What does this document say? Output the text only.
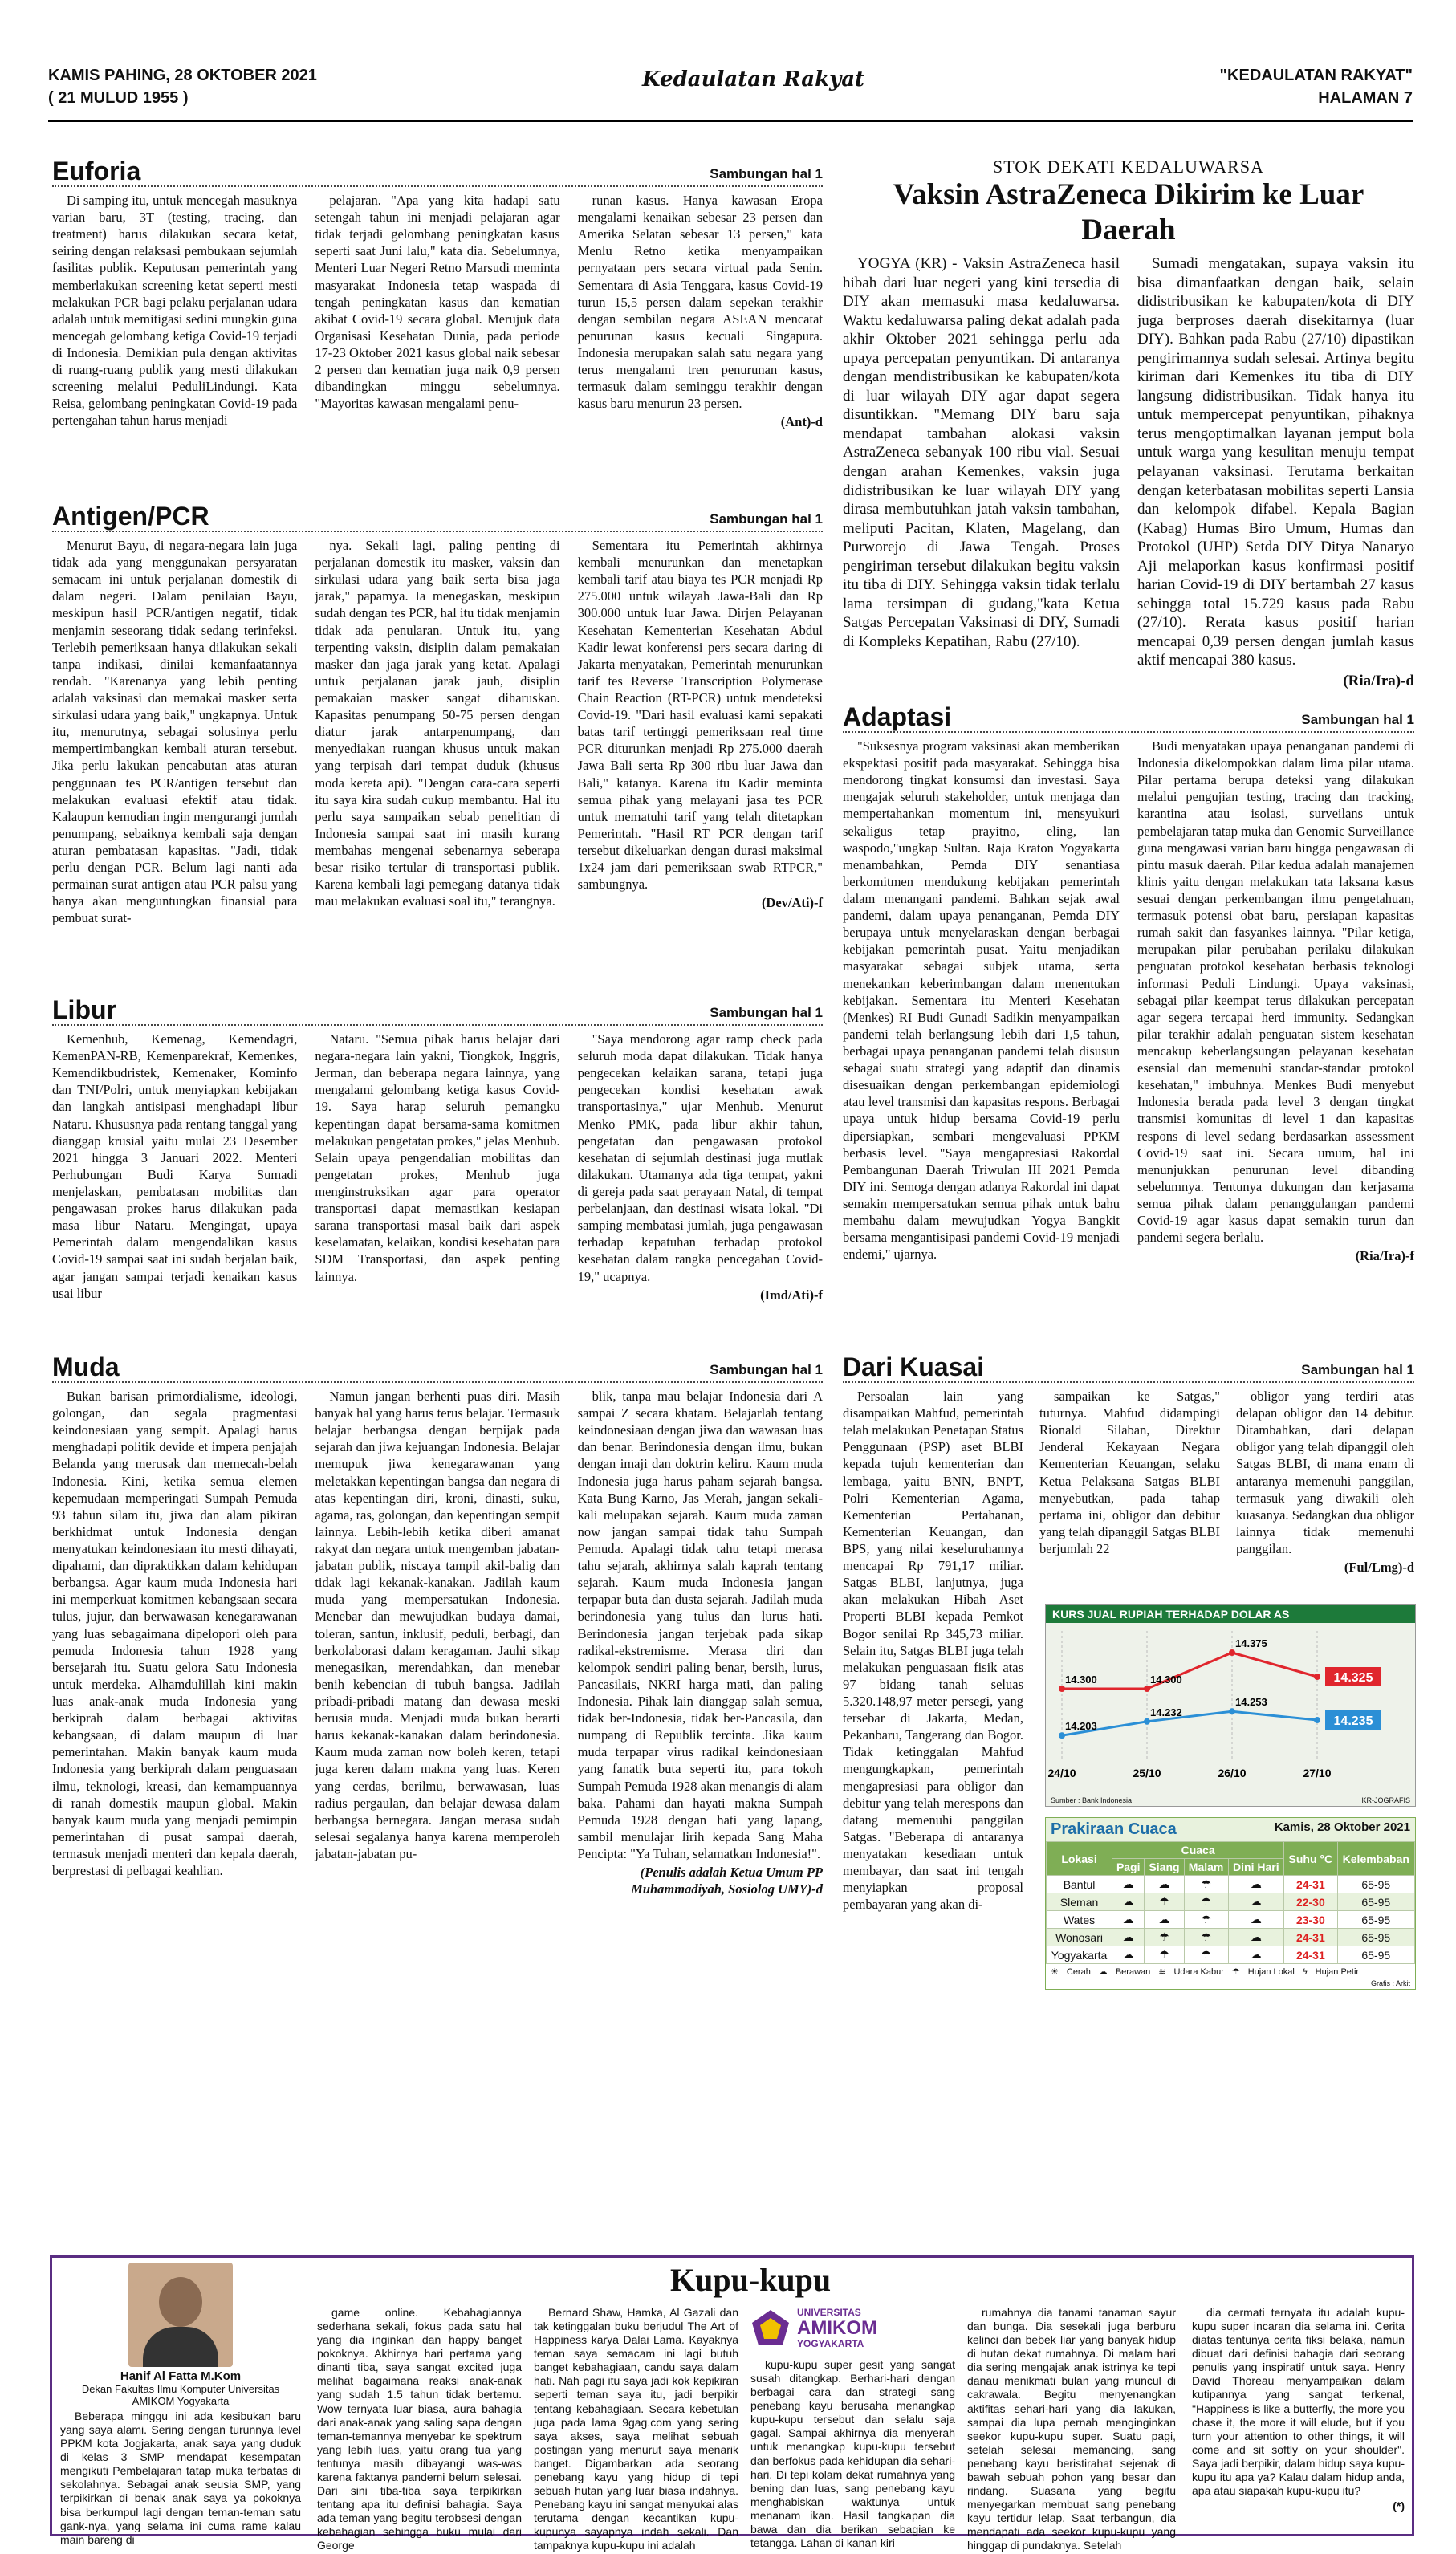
KAMIS PAHING, 28 OKTOBER 2021
( 21 MULUD 1955 )
Kedaulatan Rakyat	"KEDAULATAN RAKYAT"
HALAMAN 7
Euforia	Sambungan hal 1

Di samping itu, untuk mencegah masuknya varian baru, 3T (testing, tracing, dan treatment) harus dilakukan secara ketat, seiring dengan relaksasi pembukaan sejumlah fasilitas publik. Keputusan pemerintah yang memberlakukan screening ketat seperti mesti melakukan PCR bagi pelaku perjalanan udara adalah untuk memitigasi sedini mungkin guna mencegah gelombang ketiga Covid-19 terjadi di Indonesia. Demikian pula dengan aktivitas di ruang-ruang publik yang mesti dilakukan screening melalui PeduliLindungi. Kata Reisa, gelombang peningkatan Covid-19 pada pertengahan tahun harus menjadi

pelajaran. "Apa yang kita hadapi satu setengah tahun ini menjadi pelajaran agar tidak terjadi gelombang peningkatan kasus seperti saat Juni lalu," kata dia. Sebelumnya, Menteri Luar Negeri Retno Marsudi meminta masyarakat Indonesia tetap waspada di tengah peningkatan kasus dan kematian akibat Covid-19 secara global. Merujuk data Organisasi Kesehatan Dunia, pada periode 17-23 Oktober 2021 kasus global naik sebesar 2 persen dan kematian juga naik 0,9 persen dibandingkan minggu sebelumnya. "Mayoritas kawasan mengalami penu-

runan kasus. Hanya kawasan Eropa mengalami kenaikan sebesar 23 persen dan Amerika Selatan sebesar 13 persen," kata Menlu Retno ketika menyampaikan pernyataan pers secara virtual pada Senin. Sementara di Asia Tenggara, kasus Covid-19 turun 15,5 persen dalam sepekan terakhir dengan sembilan negara ASEAN mencatat penurunan kasus kecuali Singapura. Indonesia merupakan salah satu negara yang terus mengalami tren penurunan kasus, termasuk dalam seminggu terakhir dengan kasus baru menurun 23 persen.

(Ant)-d
Antigen/PCR	Sambungan hal 1

Menurut Bayu, di negara-negara lain juga tidak ada yang menggunakan persyaratan semacam ini untuk perjalanan domestik di dalam negeri. Dalam penilaian Bayu, meskipun hasil PCR/antigen negatif, tidak menjamin seseorang tidak sedang terinfeksi. Terlebih pemeriksaan hanya dilakukan sekali tanpa indikasi, dinilai kemanfaatannya rendah. "Karenanya yang lebih penting adalah vaksinasi dan memakai masker serta sirkulasi udara yang baik," ungkapnya. Untuk itu, menurutnya, sebagai solusinya perlu mempertimbangkan kembali aturan tersebut. Jika perlu lakukan pencabutan atas aturan penggunaan tes PCR/antigen tersebut dan melakukan evaluasi efektif atau tidak. Kalaupun kemudian ingin mengurangi jumlah penumpang, sebaiknya kembali saja dengan aturan pembatasan kapasitas. "Jadi, tidak perlu dengan PCR. Belum lagi nanti ada permainan surat antigen atau PCR palsu yang hanya akan menguntungkan finansial para pembuat surat-

nya. Sekali lagi, paling penting di perjalanan domestik itu masker, vaksin dan sirkulasi udara yang baik serta bisa jaga jarak," papamya. Ia menegaskan, meskipun sudah dengan tes PCR, hal itu tidak menjamin tidak ada penularan. Untuk itu, yang terpenting vaksin, disiplin dalam pemakaian masker dan jaga jarak yang ketat. Apalagi untuk perjalanan jarak jauh, disiplin pemakaian masker sangat diharuskan. Kapasitas penumpang 50-75 persen dengan diatur jarak antarpenumpang, dan menyediakan ruangan khusus untuk makan yang terpisah dari tempat duduk (khusus moda kereta api). "Dengan cara-cara seperti itu saya kira sudah cukup membantu. Hal itu perlu saya sampaikan sebab penelitian di Indonesia sampai saat ini masih kurang membahas mengenai sebenarnya seberapa besar risiko tertular di transportasi publik. Karena kembali lagi pemegang datanya tidak mau melakukan evaluasi soal itu," terangnya.

Sementara itu Pemerintah akhirnya kembali menurunkan dan menetapkan kembali tarif atau biaya tes PCR menjadi Rp 275.000 untuk wilayah Jawa-Bali dan Rp 300.000 untuk luar Jawa. Dirjen Pelayanan Kesehatan Kementerian Kesehatan Abdul Kadir lewat konferensi pers secara daring di Jakarta menyatakan, Pemerintah menurunkan tarif tes Reverse Transcription Polymerase Chain Reaction (RT-PCR) untuk mendeteksi Covid-19. "Dari hasil evaluasi kami sepakati batas tarif tertinggi pemeriksaan real time PCR diturunkan menjadi Rp 275.000 daerah Jawa Bali serta Rp 300 ribu luar Jawa dan Bali," katanya. Karena itu Kadir meminta semua pihak yang melayani jasa tes PCR untuk mematuhi tarif yang telah ditetapkan Pemerintah. "Hasil RT PCR dengan tarif tersebut dikeluarkan dengan durasi maksimal 1x24 jam dari pemeriksaan swab RTPCR," sambungnya.

(Dev/Ati)-f
Libur	Sambungan hal 1

Kemenhub, Kemenag, Kemendagri, KemenPAN-RB, Kemenparekraf, Kemenkes, Kemendikbudristek, Kemenaker, Kominfo dan TNI/Polri, untuk menyiapkan kebijakan dan langkah antisipasi menghadapi libur Nataru. Khususnya pada rentang tanggal yang dianggap krusial yaitu mulai 23 Desember 2021 hingga 3 Januari 2022. Menteri Perhubungan Budi Karya Sumadi menjelaskan, pembatasan mobilitas dan pengawasan prokes harus dilakukan pada masa libur Nataru. Mengingat, upaya Pemerintah dalam mengendalikan kasus Covid-19 sampai saat ini sudah berjalan baik, agar jangan sampai terjadi kenaikan kasus usai libur

Nataru. "Semua pihak harus belajar dari negara-negara lain yakni, Tiongkok, Inggris, Jerman, dan beberapa negara lainnya, yang mengalami gelombang ketiga kasus Covid-19. Saya harap seluruh pemangku kepentingan dapat bersama-sama komitmen melakukan pengetatan prokes," jelas Menhub. Selain upaya pengendalian mobilitas dan pengetatan prokes, Menhub juga menginstruksikan agar para operator transportasi dapat memastikan kesiapan sarana transportasi masal baik dari aspek keselamatan, kelaikan, kondisi kesehatan para SDM Transportasi, dan aspek penting lainnya.

"Saya mendorong agar ramp check pada seluruh moda dapat dilakukan. Tidak hanya pengecekan kelaikan sarana, tetapi juga pengecekan kondisi kesehatan awak transportasinya," ujar Menhub. Menurut Menko PMK, pada libur akhir tahun, pengetatan dan pengawasan protokol kesehatan di sejumlah destinasi juga mutlak dilakukan. Utamanya ada tiga tempat, yakni di gereja pada saat perayaan Natal, di tempat perbelanjaan, dan destinasi wisata lokal. "Di samping membatasi jumlah, juga pengawasan terhadap kepatuhan terhadap protokol kesehatan dalam rangka pencegahan Covid-19," ucapnya.

(Imd/Ati)-f
Muda	Sambungan hal 1

Bukan barisan primordialisme, ideologi, golongan, dan segala pragmentasi keindonesiaan yang sempit. Apalagi harus menghadapi politik devide et impera penjajah Belanda yang merusak dan memecah-belah Indonesia. Kini, ketika semua elemen kepemudaan memperingati Sumpah Pemuda 93 tahun silam itu, jiwa dan alam pikiran berkhidmat untuk Indonesia dengan menyatukan keindonesiaan itu mesti dihayati, dipahami, dan dipraktikkan dalam kehidupan berbangsa. Agar kaum muda Indonesia hari ini memperkuat komitmen kebangsaan secara tulus, jujur, dan berwawasan kenegarawanan yang luas sebagaimana dipelopori oleh para pemuda Indonesia tahun 1928 yang bersejarah itu. Suatu gelora Satu Indonesia untuk merdeka. Alhamdulillah kini makin luas anak-anak muda Indonesia yang berkiprah dalam berbagai aktivitas kebangsaan, di dalam maupun di luar pemerintahan. Makin banyak kaum muda Indonesia yang berkiprah dalam penguasaan ilmu, teknologi, kreasi, dan kemampuannya di ranah domestik maupun global. Makin banyak kaum muda yang menjadi pemimpin pemerintahan di pusat sampai daerah, termasuk menjadi menteri dan kepala daerah, berprestasi di pelbagai keahlian.

Namun jangan berhenti puas diri. Masih banyak hal yang harus terus belajar. Termasuk belajar berbangsa dengan berpijak pada sejarah dan jiwa kejuangan Indonesia. Belajar memupuk jiwa kenegarawanan yang meletakkan kepentingan bangsa dan negara di atas kepentingan diri, kroni, dinasti, suku, agama, ras, golongan, dan kepentingan sempit lainnya. Lebih-lebih ketika diberi amanat rakyat dan negara untuk mengemban jabatan-jabatan publik, niscaya tampil akil-balig dan tidak lagi kekanak-kanakan. Jadilah kaum muda yang mempersatukan Indonesia. Menebar dan mewujudkan budaya damai, toleran, santun, inklusif, peduli, berbagi, dan berkolaborasi dalam keragaman. Jauhi sikap menegasikan, merendahkan, dan menebar benih kebencian di tubuh bangsa. Jadilah pribadi-pribadi matang dan dewasa meski berusia muda. Menjadi muda bukan berarti harus kekanak-kanakan dalam berindonesia. Kaum muda zaman now boleh keren, tetapi juga keren dalam makna yang luas. Keren yang cerdas, berilmu, berwawasan, luas radius pergaulan, dan belajar dewasa dalam berbangsa bernegara. Jangan merasa sudah selesai segalanya hanya karena memperoleh jabatan-jabatan pu-

blik, tanpa mau belajar Indonesia dari A sampai Z secara khatam. Belajarlah tentang keindonesiaan dengan jiwa dan wawasan luas dan benar. Berindonesia dengan ilmu, bukan dengan imaji dan doktrin keliru. Kaum muda Indonesia juga harus paham sejarah bangsa. Kata Bung Karno, Jas Merah, jangan sekali-kali melupakan sejarah. Kaum muda zaman now jangan sampai tidak tahu Sumpah Pemuda. Apalagi tidak tahu tetapi merasa tahu sejarah, akhirnya salah kaprah tentang sejarah. Kaum muda Indonesia jangan terpapar buta dan dusta sejarah. Jadilah muda berindonesia yang tulus dan lurus hati. Berindonesia jangan terjebak pada sikap radikal-ekstremisme. Merasa diri dan kelompok sendiri paling benar, bersih, lurus, Pancasilais, NKRI harga mati, dan paling Indonesia. Pihak lain dianggap salah semua, tidak ber-Indonesia, tidak ber-Pancasila, dan numpang di Republik tercinta. Jika kaum muda terpapar virus radikal keindonesiaan yang fanatik buta seperti itu, para tokoh Sumpah Pemuda 1928 akan menangis di alam baka. Pahami dan hayati makna Sumpah Pemuda 1928 dengan hati yang lapang, sambil menulajar lirih kepada Sang Maha Pencipta: "Ya Tuhan, selamatkan Indonesia!".

(Penulis adalah Ketua Umum PP Muhammadiyah, Sosiolog UMY)-d
STOK DEKATI KEDALUWARSA
Vaksin AstraZeneca Dikirim ke Luar Daerah

YOGYA (KR) - Vaksin AstraZeneca hasil hibah dari luar negeri yang kini tersedia di DIY akan memasuki masa kedaluwarsa. Waktu kedaluwarsa paling dekat adalah pada akhir Oktober 2021 sehingga perlu ada upaya percepatan penyuntikan. Di antaranya dengan mendistribusikan ke kabupaten/kota di luar wilayah DIY agar dapat segera disuntikkan. "Memang DIY baru saja mendapat tambahan alokasi vaksin AstraZeneca sebanyak 100 ribu vial. Sesuai dengan arahan Kemenkes, vaksin juga didistribusikan ke luar wilayah DIY yang dirasa membutuhkan jatah vaksin tambahan, meliputi Pacitan, Klaten, Magelang, dan Purworejo di Jawa Tengah. Proses pengiriman tersebut dilakukan begitu vaksin itu tiba di DIY. Sehingga vaksin tidak terlalu lama tersimpan di gudang,"kata Ketua Satgas Percepatan Vaksinasi di DIY, Sumadi di Kompleks Kepatihan, Rabu (27/10).

Sumadi mengatakan, supaya vaksin itu bisa dimanfaatkan dengan baik, selain didistribusikan ke kabupaten/kota di DIY juga berproses daerah disekitarnya (luar DIY). Bahkan pada Rabu (27/10) dipastikan pengirimannya sudah selesai. Artinya begitu kiriman dari Kemenkes itu tiba di DIY langsung didistribusikan. Tidak hanya itu untuk mempercepat penyuntikan, pihaknya terus mengoptimalkan layanan jemput bola untuk warga yang kesulitan menuju tempat pelayanan vaksinasi. Terutama berkaitan dengan keterbatasan mobilitas seperti Lansia dan kelompok difabel. Kepala Bagian (Kabag) Humas Biro Umum, Humas dan Protokol (UHP) Setda DIY Ditya Nanaryo Aji melaporkan kasus konfirmasi positif harian Covid-19 di DIY bertambah 27 kasus sehingga total 15.729 kasus pada Rabu (27/10). Rerata kasus positif harian mencapai 0,39 persen dengan jumlah kasus aktif mencapai 380 kasus.

(Ria/Ira)-d
Adaptasi	Sambungan hal 1

"Suksesnya program vaksinasi akan memberikan ekspektasi positif pada masyarakat. Sehingga bisa mendorong tingkat konsumsi dan investasi. Saya mengajak seluruh stakeholder, untuk menjaga dan mempertahankan momentum ini, mensyukuri sekaligus tetap prayitno, eling, lan waspodo,"ungkap Sultan. Raja Kraton Yogyakarta menambahkan, Pemda DIY senantiasa berkomitmen mendukung kebijakan pemerintah dalam menangani pandemi. Bahkan sejak awal pandemi, dalam upaya penanganan, Pemda DIY berupaya untuk menyelaraskan dengan berbagai kebijakan pemerintah pusat. Yaitu menjadikan masyarakat sebagai subjek utama, serta menekankan keberimbangan dalam menentukan kebijakan. Sementara itu Menteri Kesehatan (Menkes) RI Budi Gunadi Sadikin menyampaikan pandemi telah berlangsung lebih dari 1,5 tahun, berbagai upaya penanganan pandemi telah disusun sebagai suatu strategi yang adaptif dan dinamis disesuaikan dengan perkembangan epidemiologi atau level transmisi dan kapasitas respons. Berbagai upaya untuk hidup bersama Covid-19 perlu dipersiapkan, sembari mengevaluasi PPKM berbasis level. "Saya mengapresiasi Rakordal Pembangunan Daerah Triwulan III 2021 Pemda DIY ini. Semoga dengan adanya Rakordal ini dapat semakin mempersatukan semua pihak untuk bahu membahu dalam mewujudkan Yogya Bangkit bersama mengantisipasi pandemi Covid-19 menjadi endemi," ujarnya.

Budi menyatakan upaya penanganan pandemi di Indonesia dikelompokkan dalam lima pilar utama. Pilar pertama berupa deteksi yang dilakukan melalui pengujian testing, tracing dan tracking, karantina atau isolasi, surveilans untuk pembelajaran tatap muka dan Genomic Surveillance guna mengawasi varian baru hingga pengawasan di pintu masuk daerah. Pilar kedua adalah manajemen klinis yaitu dengan melakukan tata laksana kasus sesuai dengan perkembangan ilmu pengetahuan, termasuk potensi obat baru, persiapan kapasitas rumah sakit dan fasyankes lainnya. "Pilar ketiga, merupakan pilar perubahan perilaku dilakukan penguatan protokol kesehatan berbasis teknologi informasi Peduli Lindungi. Upaya vaksinasi, sebagai pilar keempat terus dilakukan percepatan agar segera tercapai herd immunity. Sedangkan pilar terakhir adalah penguatan sistem kesehatan mencakup keberlangsungan pelayanan kesehatan esensial dan memenuhi standar-standar protokol kesehatan," imbuhnya. Menkes Budi menyebut Indonesia berada pada level 3 dengan tingkat transmisi komunitas di level 1 dan kapasitas respons di level sedang berdasarkan assessment Covid-19 saat ini. Secara umum, hal ini menunjukkan penurunan level dibanding sebelumnya. Tentunya dukungan dan kerjasama semua pihak dalam penanggulangan pandemi Covid-19 agar kasus dapat semakin turun dan pandemi segera berlalu.

(Ria/Ira)-f
Dari Kuasai	Sambungan hal 1

Persoalan lain yang disampaikan Mahfud, pemerintah telah melakukan Penetapan Status Penggunaan (PSP) aset BLBI kepada tujuh kementerian dan lembaga, yaitu BNN, BNPT, Polri Kementerian Agama, Kementerian Pertahanan, Kementerian Keuangan, dan BPS, yang nilai keseluruhannya mencapai Rp 791,17 miliar. Satgas BLBI, lanjutnya, juga akan melakukan Hibah Aset Properti BLBI kepada Pemkot Bogor senilai Rp 345,73 miliar. Selain itu, Satgas BLBI juga telah melakukan penguasaan fisik atas 97 bidang tanah seluas 5.320.148,97 meter persegi, yang tersebar di Jakarta, Medan, Pekanbaru, Tangerang dan Bogor. Tidak ketinggalan Mahfud mengungkapkan, pemerintah mengapresiasi para obligor dan debitur yang telah merespons dan datang memenuhi panggilan Satgas. "Beberapa di antaranya menyatakan kesediaan untuk membayar, dan saat ini tengah menyiapkan proposal pembayaran yang akan di-

sampaikan ke Satgas," tuturnya. Mahfud didampingi Rionald Silaban, Direktur Jenderal Kekayaan Negara Kementerian Keuangan, selaku Ketua Pelaksana Satgas BLBI menyebutkan, pada tahap pertama ini, obligor dan debitur yang telah dipanggil Satgas BLBI berjumlah 22

obligor yang terdiri atas delapan obligor dan 14 debitur. Ditambahkan, dari delapan obligor yang telah dipanggil oleh Satgas BLBI, di mana enam di antaranya memenuhi panggilan, termasuk yang diwakili oleh kuasanya. Sedangkan dua obligor lainnya tidak memenuhi panggilan.

(Ful/Lmg)-d
KURS JUAL RUPIAH TERHADAP DOLAR AS
24/10	25/10	26/10	27/10
14.203
14.232
14.253
14.235
14.300	14.300
14.375
14.325
Sumber : Bank Indonesia	KR-JOGRAFIS
Prakiraan Cuaca	Kamis, 28 Oktober 2021
Lokasi	Cuaca				Suhu °C	Kelembaban
	Pagi	Siang	Malam	Dini Hari		
Bantul	☁	☁	☂	☁	24-31	65-95
Sleman	☁	☂	☂	☁	22-30	65-95
Wates	☁	☁	☂	☁	23-30	65-95
Wonosari	☁	☂	☂	☁	24-31	65-95
Yogyakarta	☁	☂	☂	☁	24-31	65-95
☀ Cerah ☁ Berawan ≋ Udara Kabur ☂ Hujan Lokal ϟ Hujan Petir
Grafis : Arkit
Kupu-kupu
Hanif Al Fatta M.Kom
Dekan Fakultas Ilmu Komputer Universitas AMIKOM Yogyakarta

Beberapa minggu ini ada kesibukan baru yang saya alami. Sering dengan turunnya level PPKM kota Jogjakarta, anak saya yang duduk di kelas 3 SMP mendapat kesempatan mengikuti Pembelajaran tatap muka terbatas di sekolahnya. Sebagai anak seusia SMP, yang terpikirkan di benak anak saya ya pokoknya bisa berkumpul lagi dengan teman-teman satu gank-nya, yang selama ini cuma rame kalau main bareng di

game online. Kebahagiannya sederhana sekali, fokus pada satu hal yang dia inginkan dan happy banget pokoknya. Akhirnya hari pertama yang dinanti tiba, saya sangat excited juga melihat bagaimana reaksi anak-anak yang sudah 1.5 tahun tidak bertemu. Wow ternyata luar biasa, aura bahagia dari anak-anak yang saling sapa dengan teman-temannya menyebar ke spektrum yang lebih luas, yaitu orang tua yang tentunya masih dibayangi was-was karena faktanya pandemi belum selesai. Dari sini tiba-tiba saya terpikirkan tentang apa itu definisi bahagia. Saya ada teman yang begitu terobsesi dengan kebahagian sehingga buku mulai dari George

Bernard Shaw, Hamka, Al Gazali dan tak ketinggalan buku berjudul The Art of Happiness karya Dalai Lama. Kayaknya teman saya semacam ini lagi butuh banget kebahagiaan, candu saya dalam hati. Nah pagi itu saya jadi kok kepikiran seperti teman saya itu, jadi berpikir tentang kebahagiaan. Secara kebetulan juga pada lama 9gag.com yang sering saya akses, saya melihat sebuah postingan yang menurut saya menarik banget. Digambarkan ada seorang penebang kayu yang hidup di tepi sebuah hutan yang luar biasa indahnya. Penebang kayu ini sangat menyukai alas terutama dengan kecantikan kupu-kupunya sayapnya indah sekali. Dan tampaknya kupu-kupu ini adalah

UNIVERSITAS
AMIKOM
YOGYAKARTA

kupu-kupu super gesit yang sangat susah ditangkap. Berhari-hari dengan berbagai cara dan strategi sang penebang kayu berusaha menangkap kupu-kupu tersebut dan selalu saja gagal. Sampai akhirnya dia menyerah untuk menangkap kupu-kupu tersebut dan berfokus pada kehidupan dia sehari-hari. Di tepi kolam dekat rumahnya yang bening dan luas, sang penebang kayu menghabiskan waktunya untuk menanam ikan. Hasil tangkapan dia bawa dan dia berikan sebagian ke tetangga. Lahan di kanan kiri

rumahnya dia tanami tanaman sayur dan bunga. Dia sesekali juga berburu kelinci dan bebek liar yang banyak hidup di hutan dekat rumahnya. Di malam hari dia sering mengajak anak istrinya ke tepi danau menikmati bulan yang muncul di cakrawala. Begitu menyenangkan aktifitas sehari-hari yang dia lakukan, sampai dia lupa pernah menginginkan seekor kupu-kupu super. Suatu pagi, setelah selesai memancing, sang penebang kayu beristirahat sejenak di bawah sebuah pohon yang besar dan rindang. Suasana yang begitu menyegarkan membuat sang penebang kayu tertidur lelap. Saat terbangun, dia mendapati ada seekor kupu-kupu yang hinggap di pundaknya. Setelah

dia cermati ternyata itu adalah kupu-kupu super incaran dia selama ini. Cerita diatas tentunya cerita fiksi belaka, namun dibuat dari definisi bahagia dari seorang penulis yang inspiratif untuk saya. Henry David Thoreau menyampaikan dalam kutipannya yang sangat terkenal, "Happiness is like a butterfly, the more you chase it, the more it will elude, but if you turn your attention to other things, it will come and sit softly on your shoulder". Saya jadi berpikir, dalam hidup saya kupu-kupu itu apa ya? Kalau dalam hidup anda, apa atau siapakah kupu-kupu itu?

(*)
